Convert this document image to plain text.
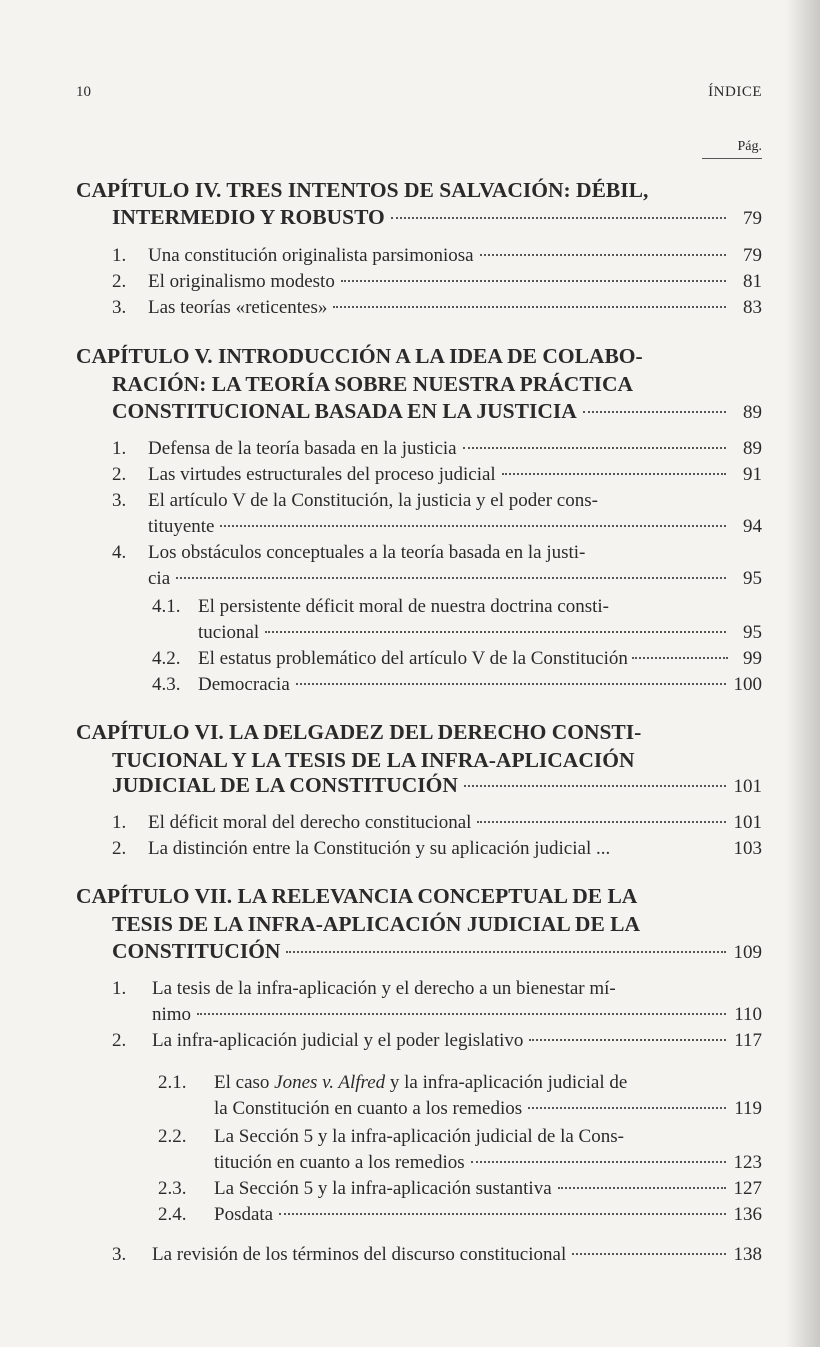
10	ÍNDICE
Pág.
CAPÍTULO IV. TRES INTENTOS DE SALVACIÓN: DÉBIL,
INTERMEDIO Y ROBUSTO	79
1.	Una constitución originalista parsimoniosa	79
2.	El originalismo modesto	81
3.	Las teorías «reticentes»	83
CAPÍTULO V. INTRODUCCIÓN A LA IDEA DE COLABO-
RACIÓN: LA TEORÍA SOBRE NUESTRA PRÁCTICA
CONSTITUCIONAL BASADA EN LA JUSTICIA	89
1.	Defensa de la teoría basada en la justicia	89
2.	Las virtudes estructurales del proceso judicial	91
3. El artículo V de la Constitución, la justicia y el poder cons-
tituyente	94
4. Los obstáculos conceptuales a la teoría basada en la justi-
cia	95
4.1. El persistente déficit moral de nuestra doctrina consti-
tucional	95
4.2. El estatus problemático del artículo V de la Constitución	99
4.3. Democracia	100
CAPÍTULO VI. LA DELGADEZ DEL DERECHO CONSTI-
TUCIONAL Y LA TESIS DE LA INFRA-APLICACIÓN
JUDICIAL DE LA CONSTITUCIÓN	101
1.	El déficit moral del derecho constitucional	101
2.	La distinción entre la Constitución y su aplicación judicial ...	103
CAPÍTULO VII. LA RELEVANCIA CONCEPTUAL DE LA
TESIS DE LA INFRA-APLICACIÓN JUDICIAL DE LA
CONSTITUCIÓN	109
1. La tesis de la infra-aplicación y el derecho a un bienestar mí-
nimo	110
2.	La infra-aplicación judicial y el poder legislativo	117
2.1. El caso Jones v. Alfred y la infra-aplicación judicial de
la Constitución en cuanto a los remedios	119
2.2. La Sección 5 y la infra-aplicación judicial de la Cons-
titución en cuanto a los remedios	123
2.3.	La Sección 5 y la infra-aplicación sustantiva	127
2.4.	Posdata	136
3.	La revisión de los términos del discurso constitucional	138
